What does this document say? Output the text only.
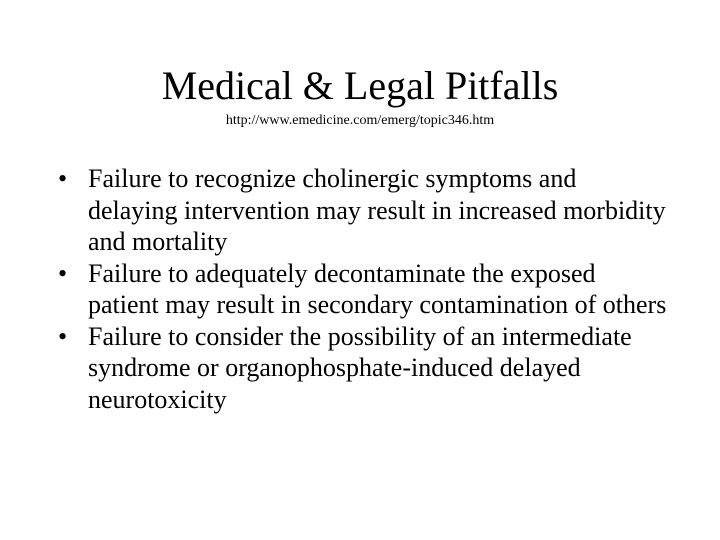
Medical & Legal Pitfalls
http://www.emedicine.com/emerg/topic346.htm
• Failure to recognize cholinergic symptoms and delaying intervention may result in increased morbidity and mortality
• Failure to adequately decontaminate the exposed patient may result in secondary contamination of others
• Failure to consider the possibility of an intermediate syndrome or organophosphate-induced delayed neurotoxicity
